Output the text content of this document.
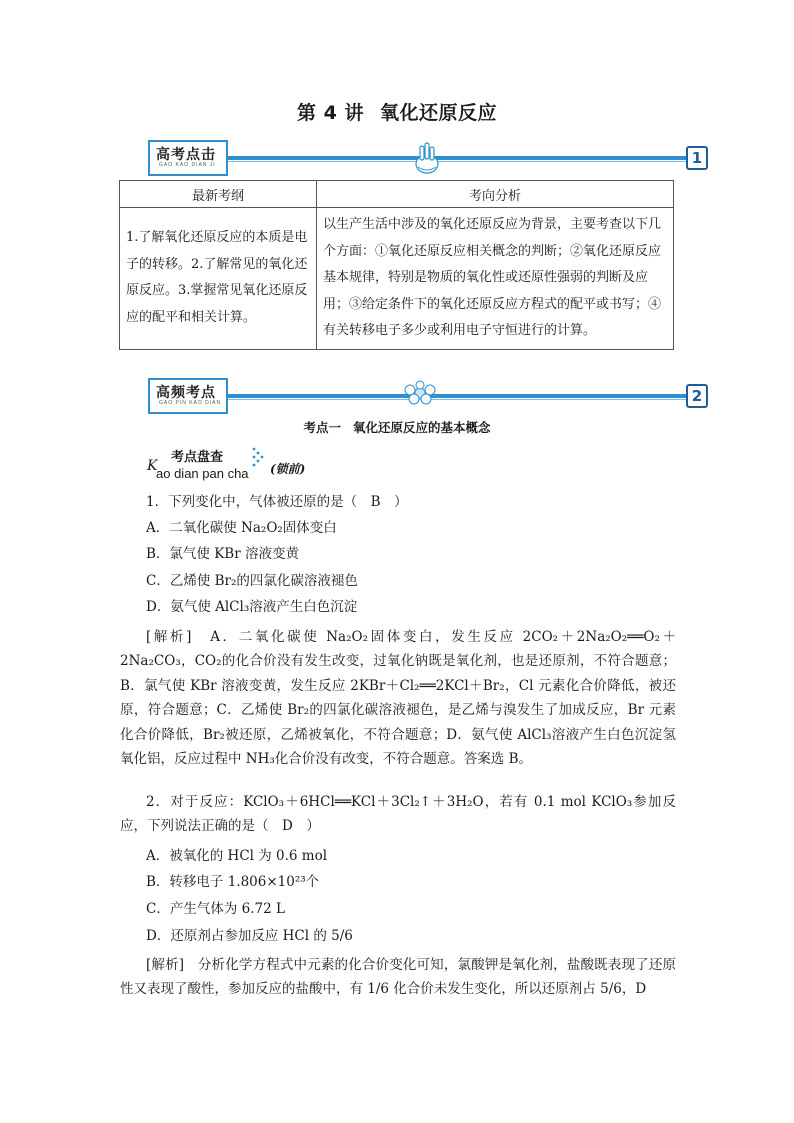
第 4 讲 氧化还原反应
高考点击
GAO KAO DIAN JI	1
最新考纲	考向分析
1.了解氧化还原反应的本质是电子的转移。2.了解常见的氧化还原反应。3.掌握常见氧化还原反应的配平和相关计算。	以生产生活中涉及的氧化还原反应为背景，主要考查以下几个方面：①氧化还原反应相关概念的判断；②氧化还原反应基本规律，特别是物质的氧化性或还原性强弱的判断及应用；③给定条件下的氧化还原反应方程式的配平或书写；④有关转移电子多少或利用电子守恒进行的计算。
高频考点
GAO PIN KAO DIAN	2
考点一 氧化还原反应的基本概念
考点盘查
K
ao dian pan cha (锁前)
1．下列变化中，气体被还原的是（　B　）
A．二氧化碳使 Na₂O₂固体变白
B．氯气使 KBr 溶液变黄
C．乙烯使 Br₂的四氯化碳溶液褪色
D．氨气使 AlCl₃溶液产生白色沉淀
[解析]　 A．二氧化碳使 Na₂O₂固体变白，发生反应 2CO₂＋2Na₂O₂══O₂＋2Na₂CO₃，CO₂的化合价没有发生改变，过氧化钠既是氧化剂，也是还原剂，不符合题意；B．氯气使 KBr 溶液变黄，发生反应 2KBr＋Cl₂══2KCl＋Br₂，Cl 元素化合价降低，被还原，符合题意；C．乙烯使 Br₂的四氯化碳溶液褪色，是乙烯与溴发生了加成反应，Br 元素化合价降低，Br₂被还原，乙烯被氧化，不符合题意；D．氨气使 AlCl₃溶液产生白色沉淀氢氧化铝，反应过程中 NH₃化合价没有改变，不符合题意。答案选 B。
2．对于反应：KClO₃＋6HCl══KCl＋3Cl₂↑＋3H₂O，若有 0.1 mol KClO₃参加反应，下列说法正确的是（　D　）
A．被氧化的 HCl 为 0.6 mol
B．转移电子 1.806×10²³个
C．产生气体为 6.72 L
D．还原剂占参加反应 HCl 的 5/6
[解析]　 分析化学方程式中元素的化合价变化可知，氯酸钾是氧化剂，盐酸既表现了还原性又表现了酸性，参加反应的盐酸中，有 1/6 化合价未发生变化，所以还原剂占 5/6，D
